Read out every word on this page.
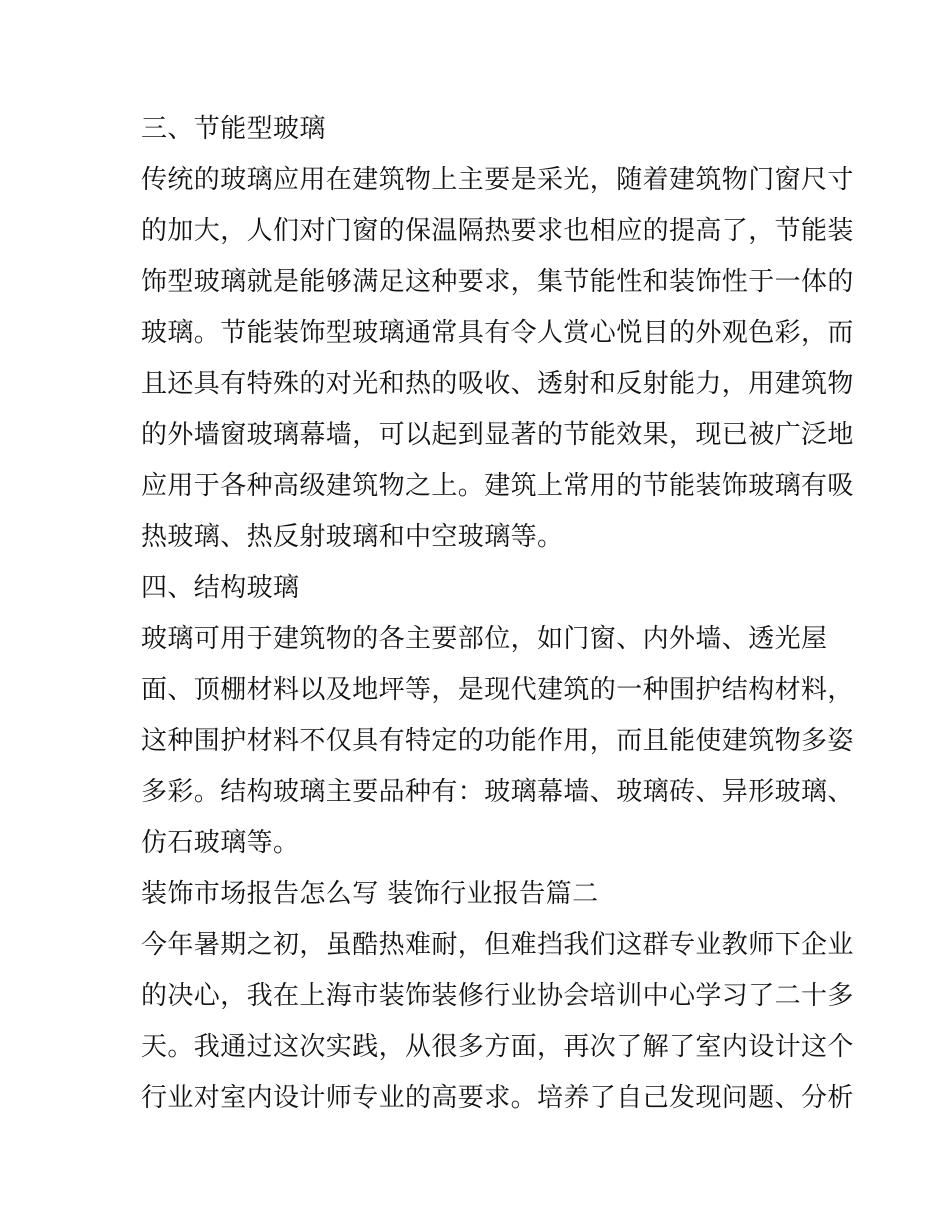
三、节能型玻璃
传统的玻璃应用在建筑物上主要是采光，随着建筑物门窗尺寸
的加大，人们对门窗的保温隔热要求也相应的提高了，节能装
饰型玻璃就是能够满足这种要求，集节能性和装饰性于一体的
玻璃。节能装饰型玻璃通常具有令人赏心悦目的外观色彩，而
且还具有特殊的对光和热的吸收、透射和反射能力，用建筑物
的外墙窗玻璃幕墙，可以起到显著的节能效果，现已被广泛地
应用于各种高级建筑物之上。建筑上常用的节能装饰玻璃有吸
热玻璃、热反射玻璃和中空玻璃等。
四、结构玻璃
玻璃可用于建筑物的各主要部位，如门窗、内外墙、透光屋
面、顶棚材料以及地坪等，是现代建筑的一种围护结构材料，
这种围护材料不仅具有特定的功能作用，而且能使建筑物多姿
多彩。结构玻璃主要品种有：玻璃幕墙、玻璃砖、异形玻璃、
仿石玻璃等。
装饰市场报告怎么写 装饰行业报告篇二
今年暑期之初，虽酷热难耐，但难挡我们这群专业教师下企业
的决心，我在上海市装饰装修行业协会培训中心学习了二十多
天。我通过这次实践，从很多方面，再次了解了室内设计这个
行业对室内设计师专业的高要求。培养了自己发现问题、分析
